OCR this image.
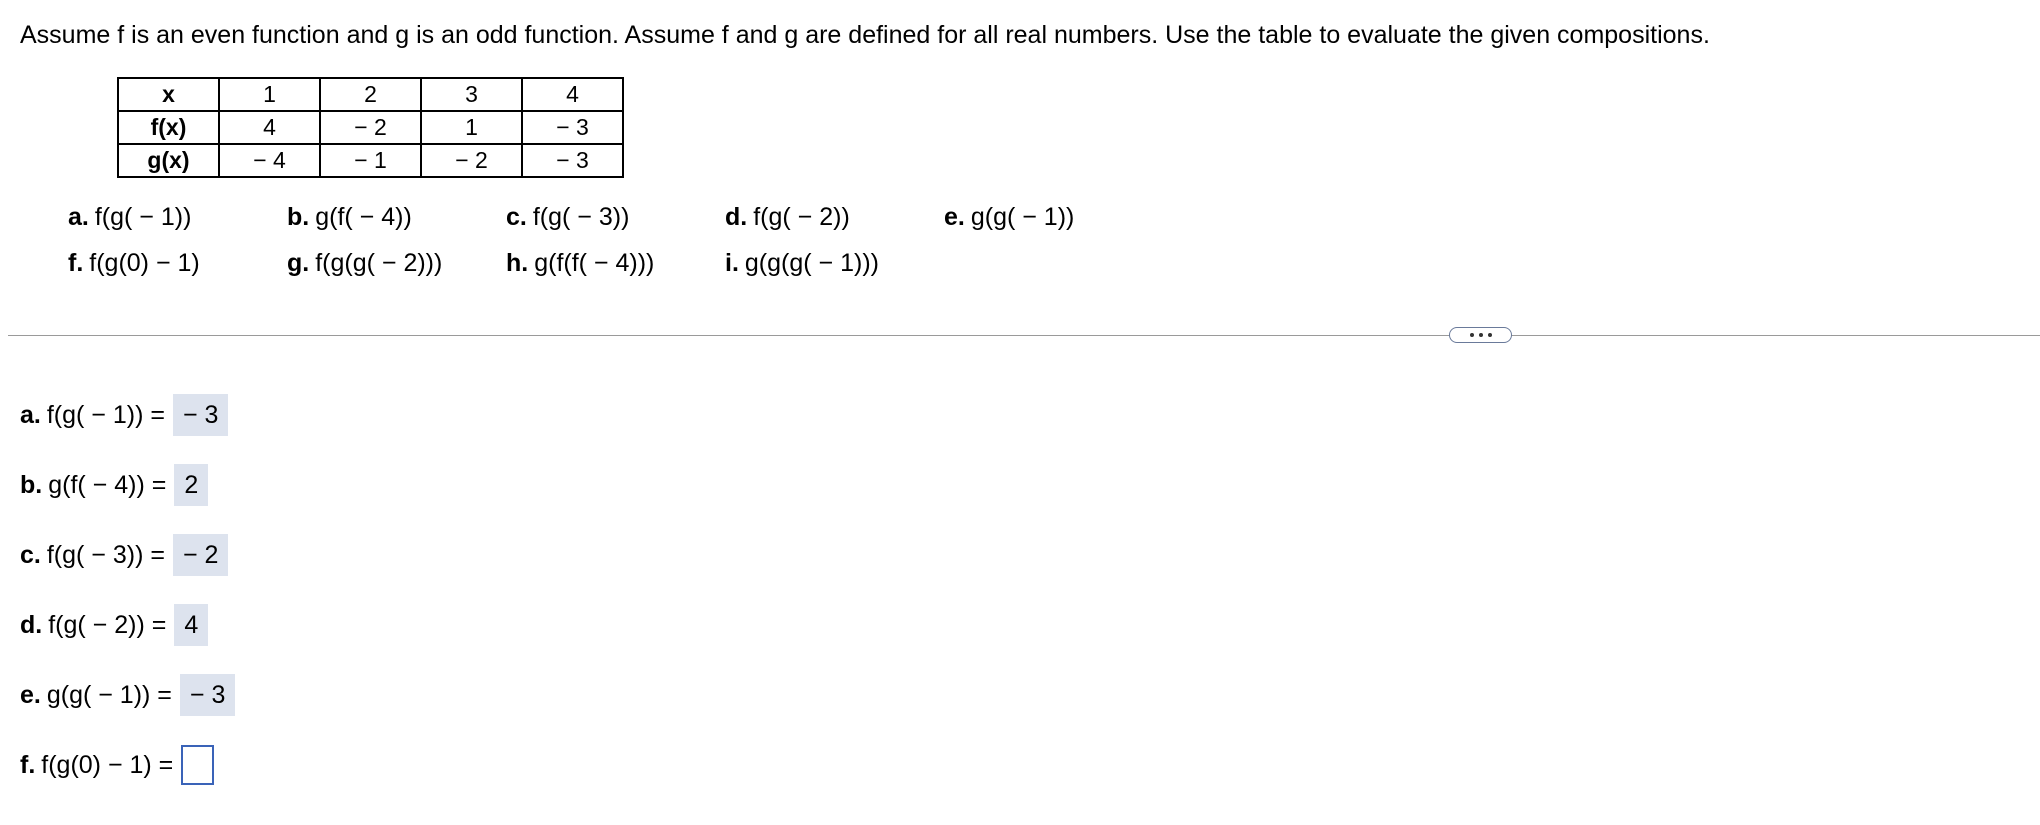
Assume f is an even function and g is an odd function. Assume f and g are defined for all real numbers. Use the table to evaluate the given compositions.
x	1	2	3	4
f(x)	4	− 2	1	− 3
g(x)	− 4	− 1	− 2	− 3
a. f(g( − 1))	b. g(f( − 4))	c. f(g( − 3))	d. f(g( − 2))	e. g(g( − 1))
f. f(g(0) − 1)	g. f(g(g( − 2)))	h. g(f(f( − 4)))	i. g(g(g( − 1)))
a. f(g( − 1)) = − 3
b. g(f( − 4)) = 2
c. f(g( − 3)) = − 2
d. f(g( − 2)) = 4
e. g(g( − 1)) = − 3
f. f(g(0) − 1) =
